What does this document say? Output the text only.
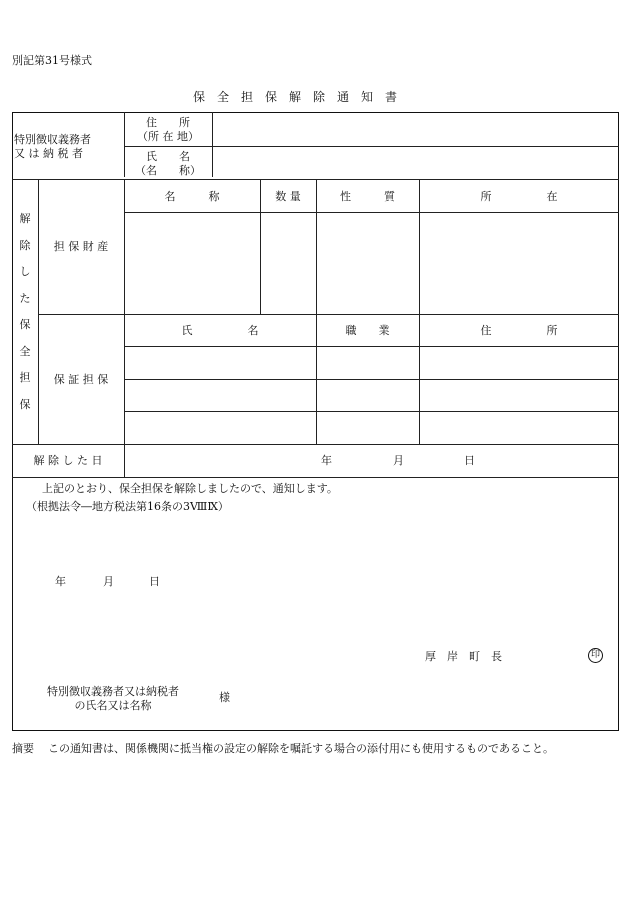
別記第31号様式
保　全　担　保　解　除　通　知　書
特別徴収義務者
又 は 納 税 者
住　　所
（所 在 地）
氏　　名
（名　　称）
解
除
し
た
保
全
担
保
担 保 財 産
名　　　称	数 量	性　　　質	所　　　　　在
保 証 担 保
氏　　　　　名	職　　業	住　　　　　所
解 除 し た 日	年	月	日
上記のとおり、保全担保を解除しましたので、通知します。
（根拠法令―地方税法第16条の3ⅧⅨ）
年	月	日
厚　岸　町　長	印
特別徴収義務者又は納税者
の氏名又は名称
様
摘要 この通知書は、関係機関に抵当権の設定の解除を嘱託する場合の添付用にも使用するものであること。
